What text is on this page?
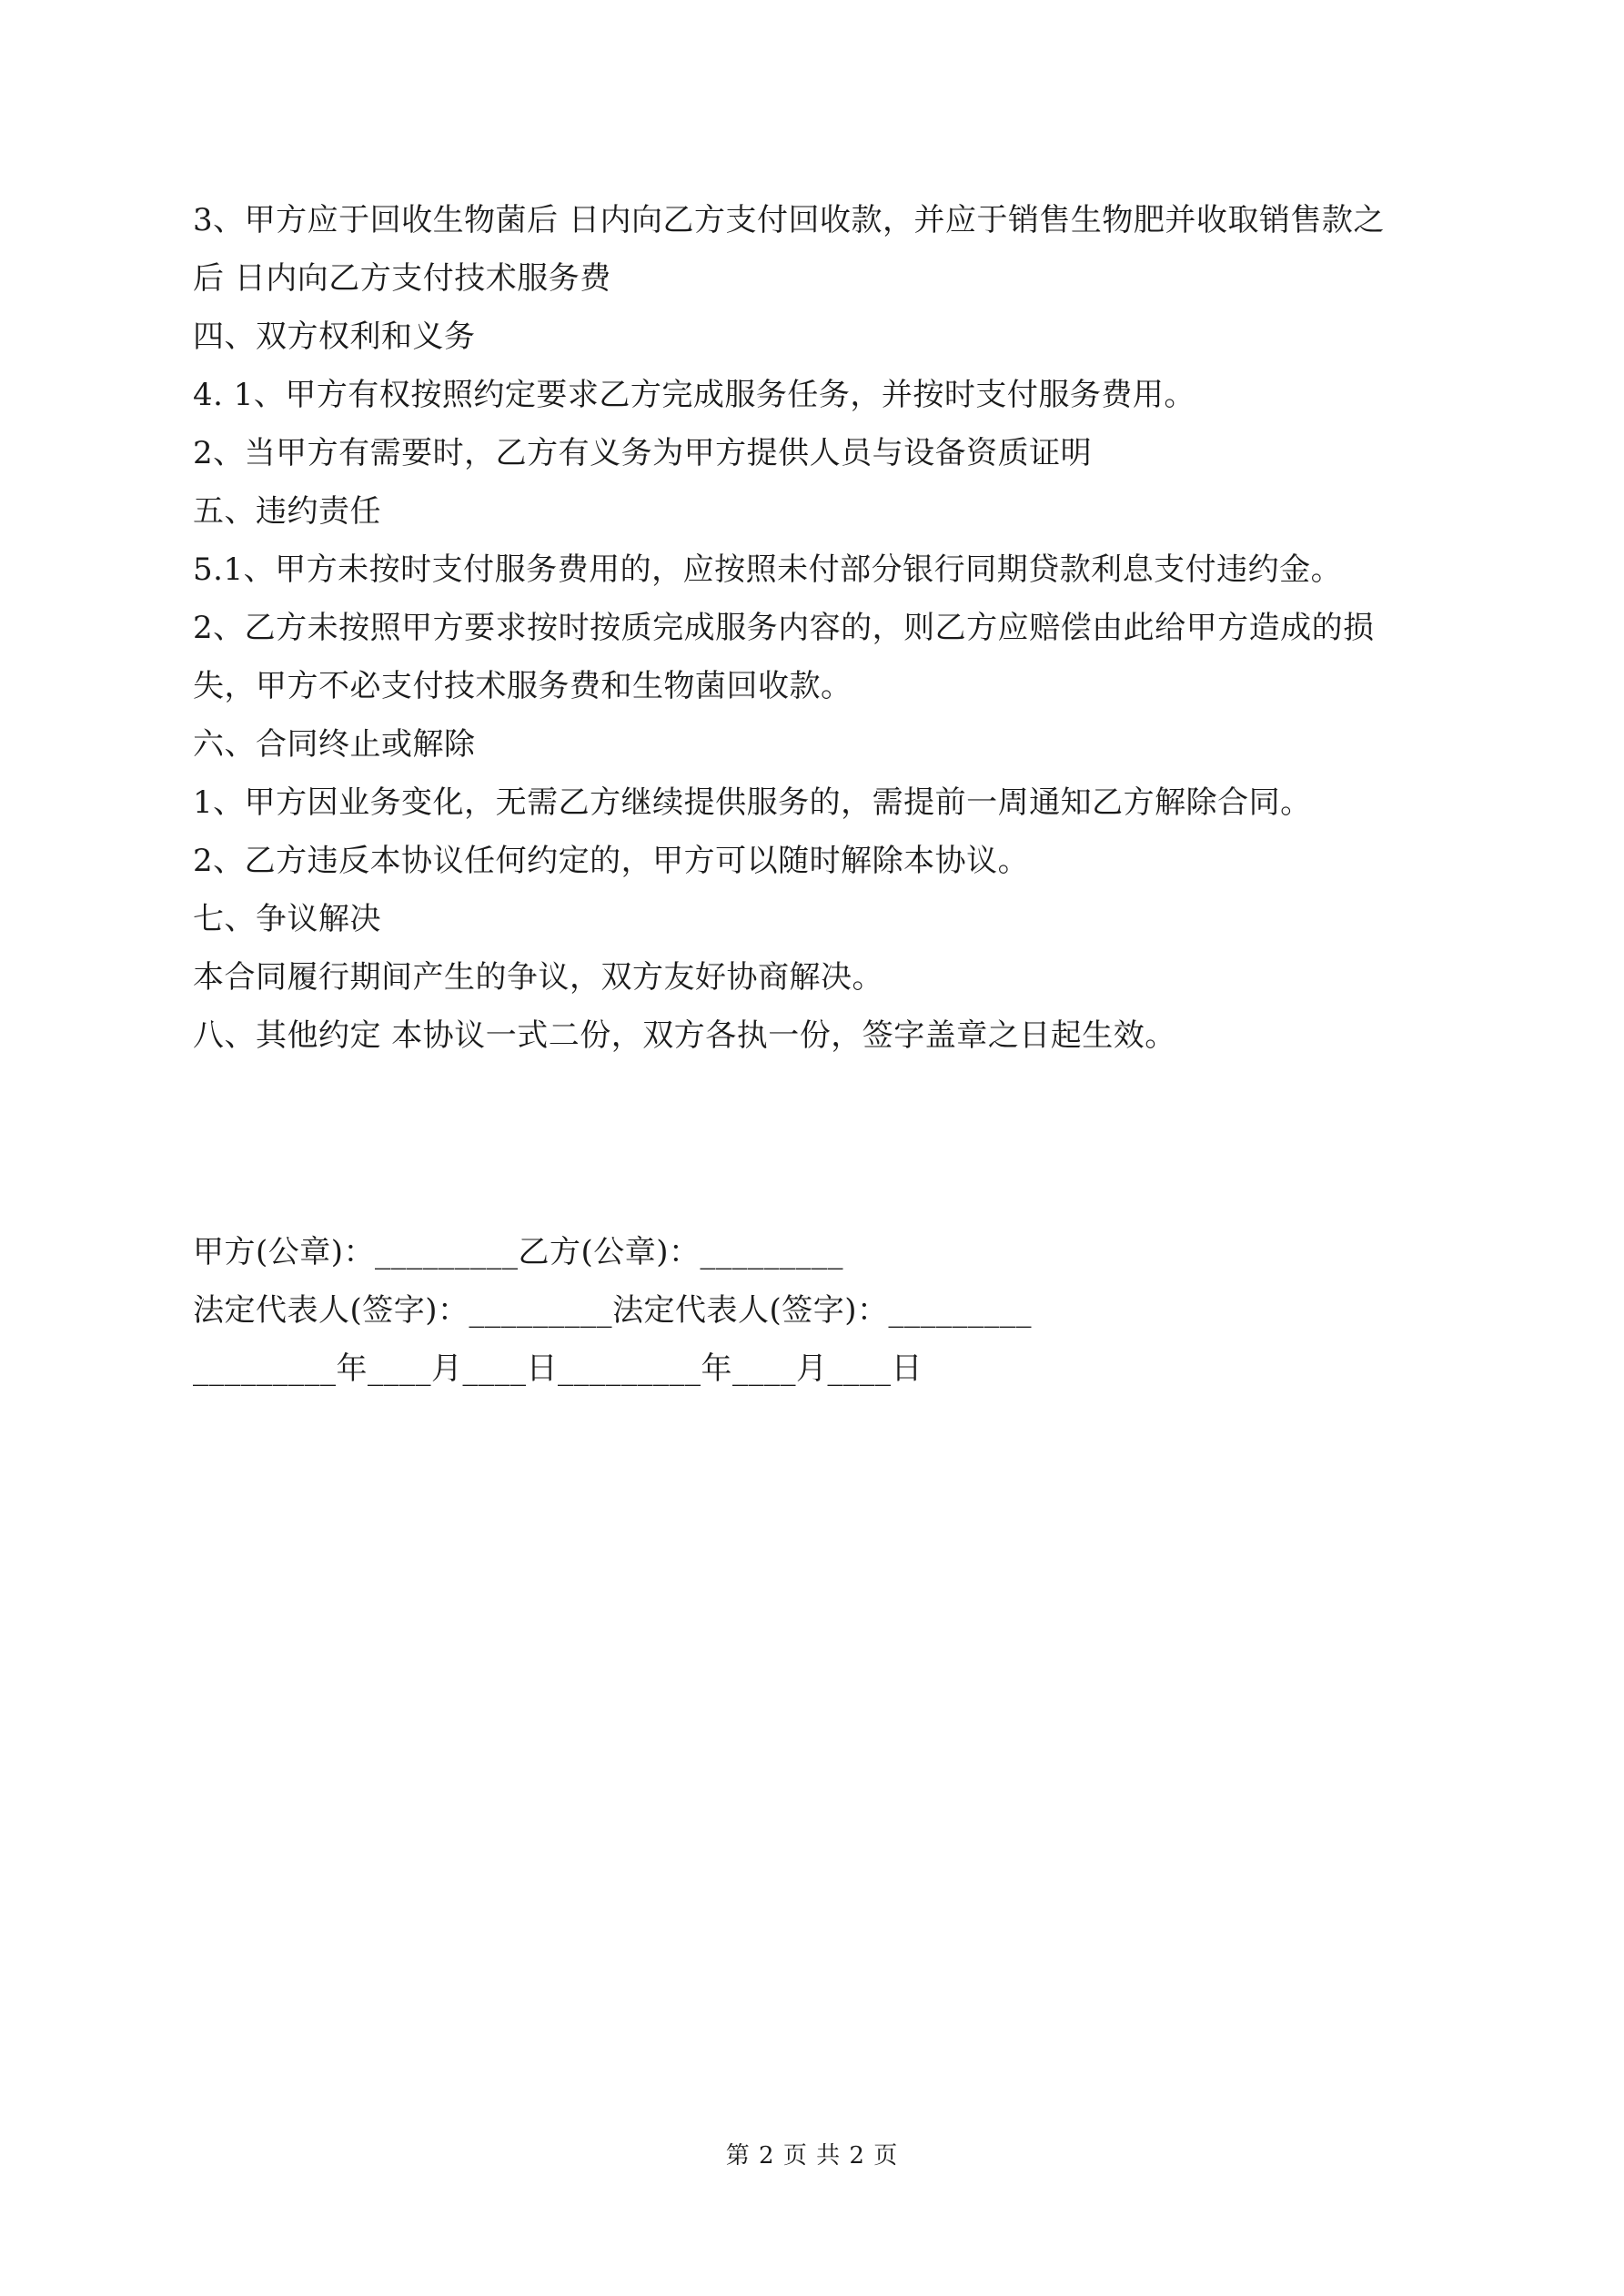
3、甲方应于回收生物菌后 日内向乙方支付回收款，并应于销售生物肥并收取销售款之
后 日内向乙方支付技术服务费
四、双方权利和义务
4. 1、甲方有权按照约定要求乙方完成服务任务，并按时支付服务费用。
2、当甲方有需要时，乙方有义务为甲方提供人员与设备资质证明
五、违约责任
5.1、甲方未按时支付服务费用的，应按照未付部分银行同期贷款利息支付违约金。
2、乙方未按照甲方要求按时按质完成服务内容的，则乙方应赔偿由此给甲方造成的损
失，甲方不必支付技术服务费和生物菌回收款。
六、合同终止或解除
1、甲方因业务变化，无需乙方继续提供服务的，需提前一周通知乙方解除合同。
2、乙方违反本协议任何约定的，甲方可以随时解除本协议。
七、争议解决
本合同履行期间产生的争议，双方友好协商解决。
八、其他约定 本协议一式二份，双方各执一份，签字盖章之日起生效。
甲方(公章)：_________乙方(公章)：_________
法定代表人(签字)：_________法定代表人(签字)：_________
_________年____月____日_________年____月____日
第 2 页 共 2 页
